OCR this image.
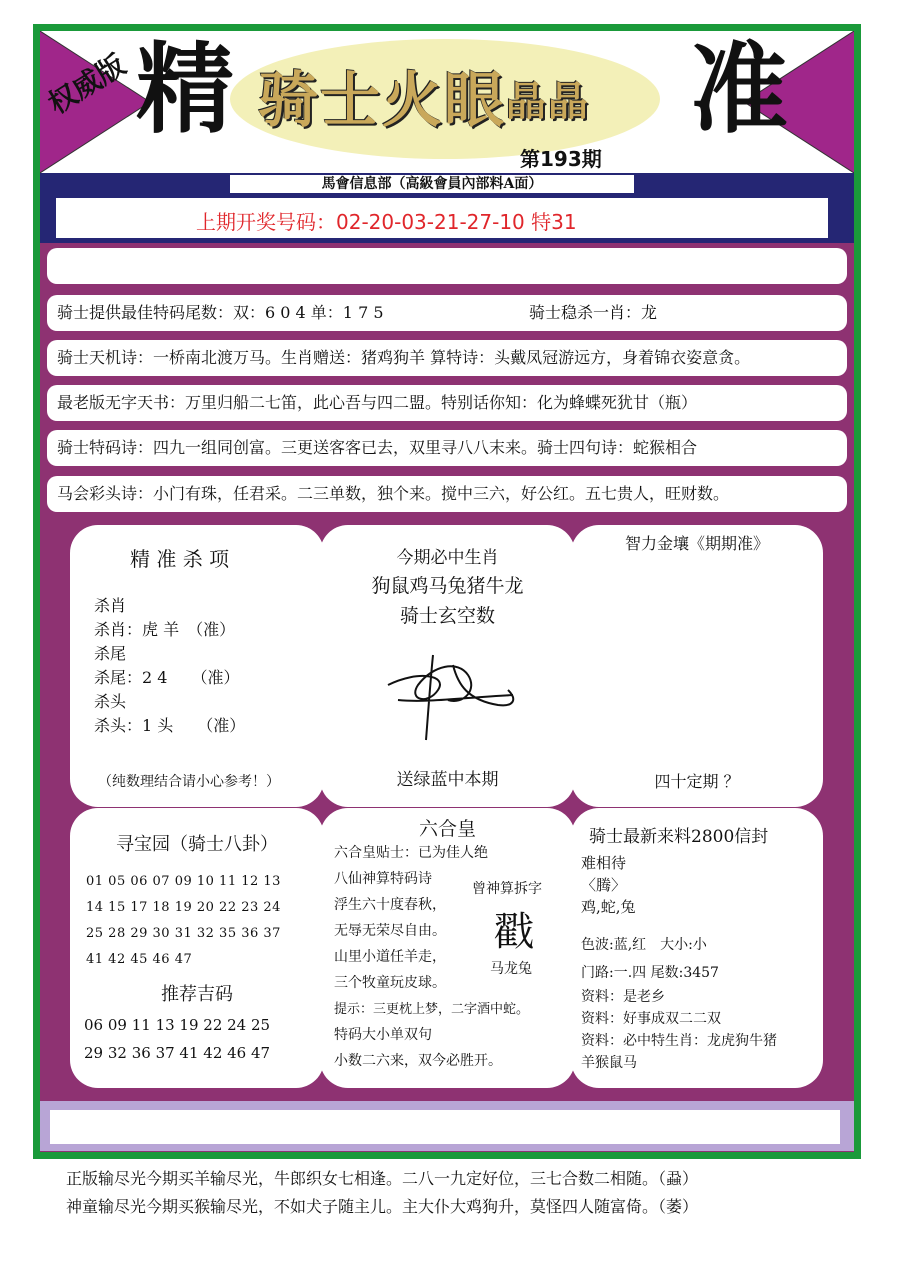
权威版 精	准
骑士火眼晶晶
第193期
馬會信息部（高級會員內部料A面）
上期开奖号码：02-20-03-21-27-10 特31
骑士提供最佳特码尾数：双：6 0 4 单：1 7 5	骑士稳杀一肖：龙
骑士天机诗：一桥南北渡万马。生肖赠送：猪鸡狗羊 算特诗：头戴凤冠游远方，身着锦衣姿意贪。
最老版无字天书：万里归船二七笛，此心吾与四二盟。特别话你知：化为蜂蝶死犹甘（瓶）
骑士特码诗：四九一组同创富。三更送客客已去，双里寻八八末来。骑士四句诗：蛇猴相合
马会彩头诗：小门有珠，任君采。二三单数，独个来。搅中三六，好公红。五七贵人，旺财数。
精 准 杀 项
杀肖
杀肖：虎 羊　（准）
杀尾
杀尾：2 4　　（准）
杀头
杀头：1 头　　（准）
（纯数理结合请小心参考！）
今期必中生肖
狗鼠鸡马兔猪牛龙
骑士玄空数
送绿蓝中本期
智力金壤《期期准》
四十定期 ？
寻宝园（骑士八卦）
01 05 06 07 09 10 11 12 13
14 15 17 18 19 20 22 23 24
25 28 29 30 31 32 35 36 37
41 42 45 46 47
推荐吉码
06 09 11 13 19 22 24 25
29 32 36 37 41 42 46 47
六合皇
六合皇贴士：已为佳人绝
八仙神算特码诗
浮生六十度春秋，
无辱无荣尽自由。
山里小道任羊走，
三个牧童玩皮球。
提示：三更枕上梦，二字酒中蛇。
特码大小单双句
小数二六来，双今必胜开。
曾神算拆字
戳
马龙兔
骑士最新来料2800信封
难相待
〈腾〉
鸡,蛇,兔
色波:蓝,红　大小:小
门路:一.四 尾数:3457
资料：是老乡
资料：好事成双二二双
资料：必中特生肖：龙虎狗牛猪
羊猴鼠马
正版输尽光今期买羊输尽光，牛郎织女七相逢。二八一九定好位，三七合数二相随。（蝨）
神童输尽光今期买猴输尽光，不如犬子随主儿。主大仆大鸡狗升，莫怪四人随富倚。（萎）
